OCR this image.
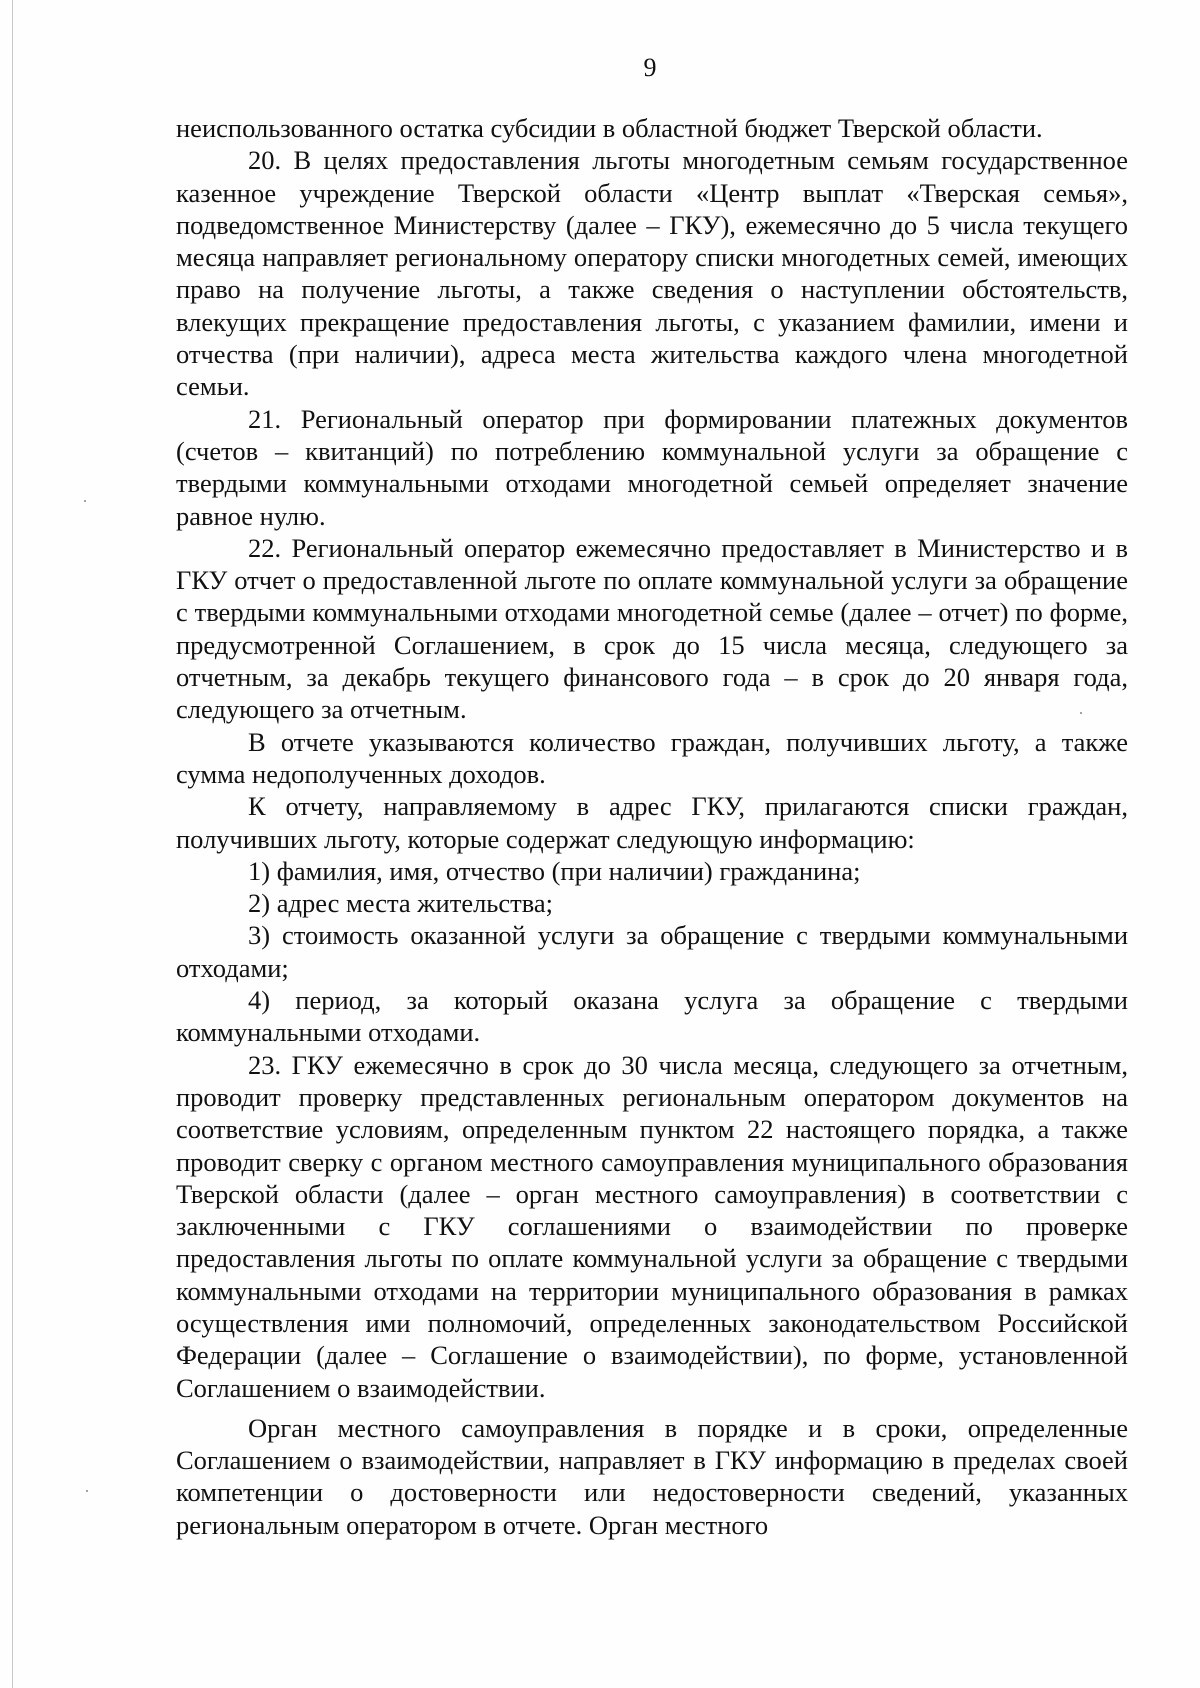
9

неиспользованного остатка субсидии в областной бюджет Тверской области.

20. В целях предоставления льготы многодетным семьям государственное казенное учреждение Тверской области «Центр выплат «Тверская семья», подведомственное Министерству (далее – ГКУ), ежемесячно до 5 числа текущего месяца направляет региональному оператору списки многодетных семей, имеющих право на получение льготы, а также сведения о наступлении обстоятельств, влекущих прекращение предоставления льготы, с указанием фамилии, имени и отчества (при наличии), адреса места жительства каждого члена многодетной семьи.

21. Региональный оператор при формировании платежных документов (счетов – квитанций) по потреблению коммунальной услуги за обращение с твердыми коммунальными отходами многодетной семьей определяет значение равное нулю.

22. Региональный оператор ежемесячно предоставляет в Министерство и в ГКУ отчет о предоставленной льготе по оплате коммунальной услуги за обращение с твердыми коммунальными отходами многодетной семье (далее – отчет) по форме, предусмотренной Соглашением, в срок до 15 числа месяца, следующего за отчетным, за декабрь текущего финансового года – в срок до 20 января года, следующего за отчетным.

В отчете указываются количество граждан, получивших льготу, а также сумма недополученных доходов.

К отчету, направляемому в адрес ГКУ, прилагаются списки граждан, получивших льготу, которые содержат следующую информацию:

1) фамилия, имя, отчество (при наличии) гражданина;

2) адрес места жительства;

3) стоимость оказанной услуги за обращение с твердыми коммунальными отходами;

4) период, за который оказана услуга за обращение с твердыми коммунальными отходами.

23. ГКУ ежемесячно в срок до 30 числа месяца, следующего за отчетным, проводит проверку представленных региональным оператором документов на соответствие условиям, определенным пунктом 22 настоящего порядка, а также проводит сверку с органом местного самоуправления муниципального образования Тверской области (далее – орган местного самоуправления) в соответствии с заключенными с ГКУ соглашениями о взаимодействии по проверке предоставления льготы по оплате коммунальной услуги за обращение с твердыми коммунальными отходами на территории муниципального образования в рамках осуществления ими полномочий, определенных законодательством Российской Федерации (далее – Соглашение о взаимодействии), по форме, установленной Соглашением о взаимодействии.

Орган местного самоуправления в порядке и в сроки, определенные Соглашением о взаимодействии, направляет в ГКУ информацию в пределах своей компетенции о достоверности или недостоверности сведений, указанных региональным оператором в отчете. Орган местного
